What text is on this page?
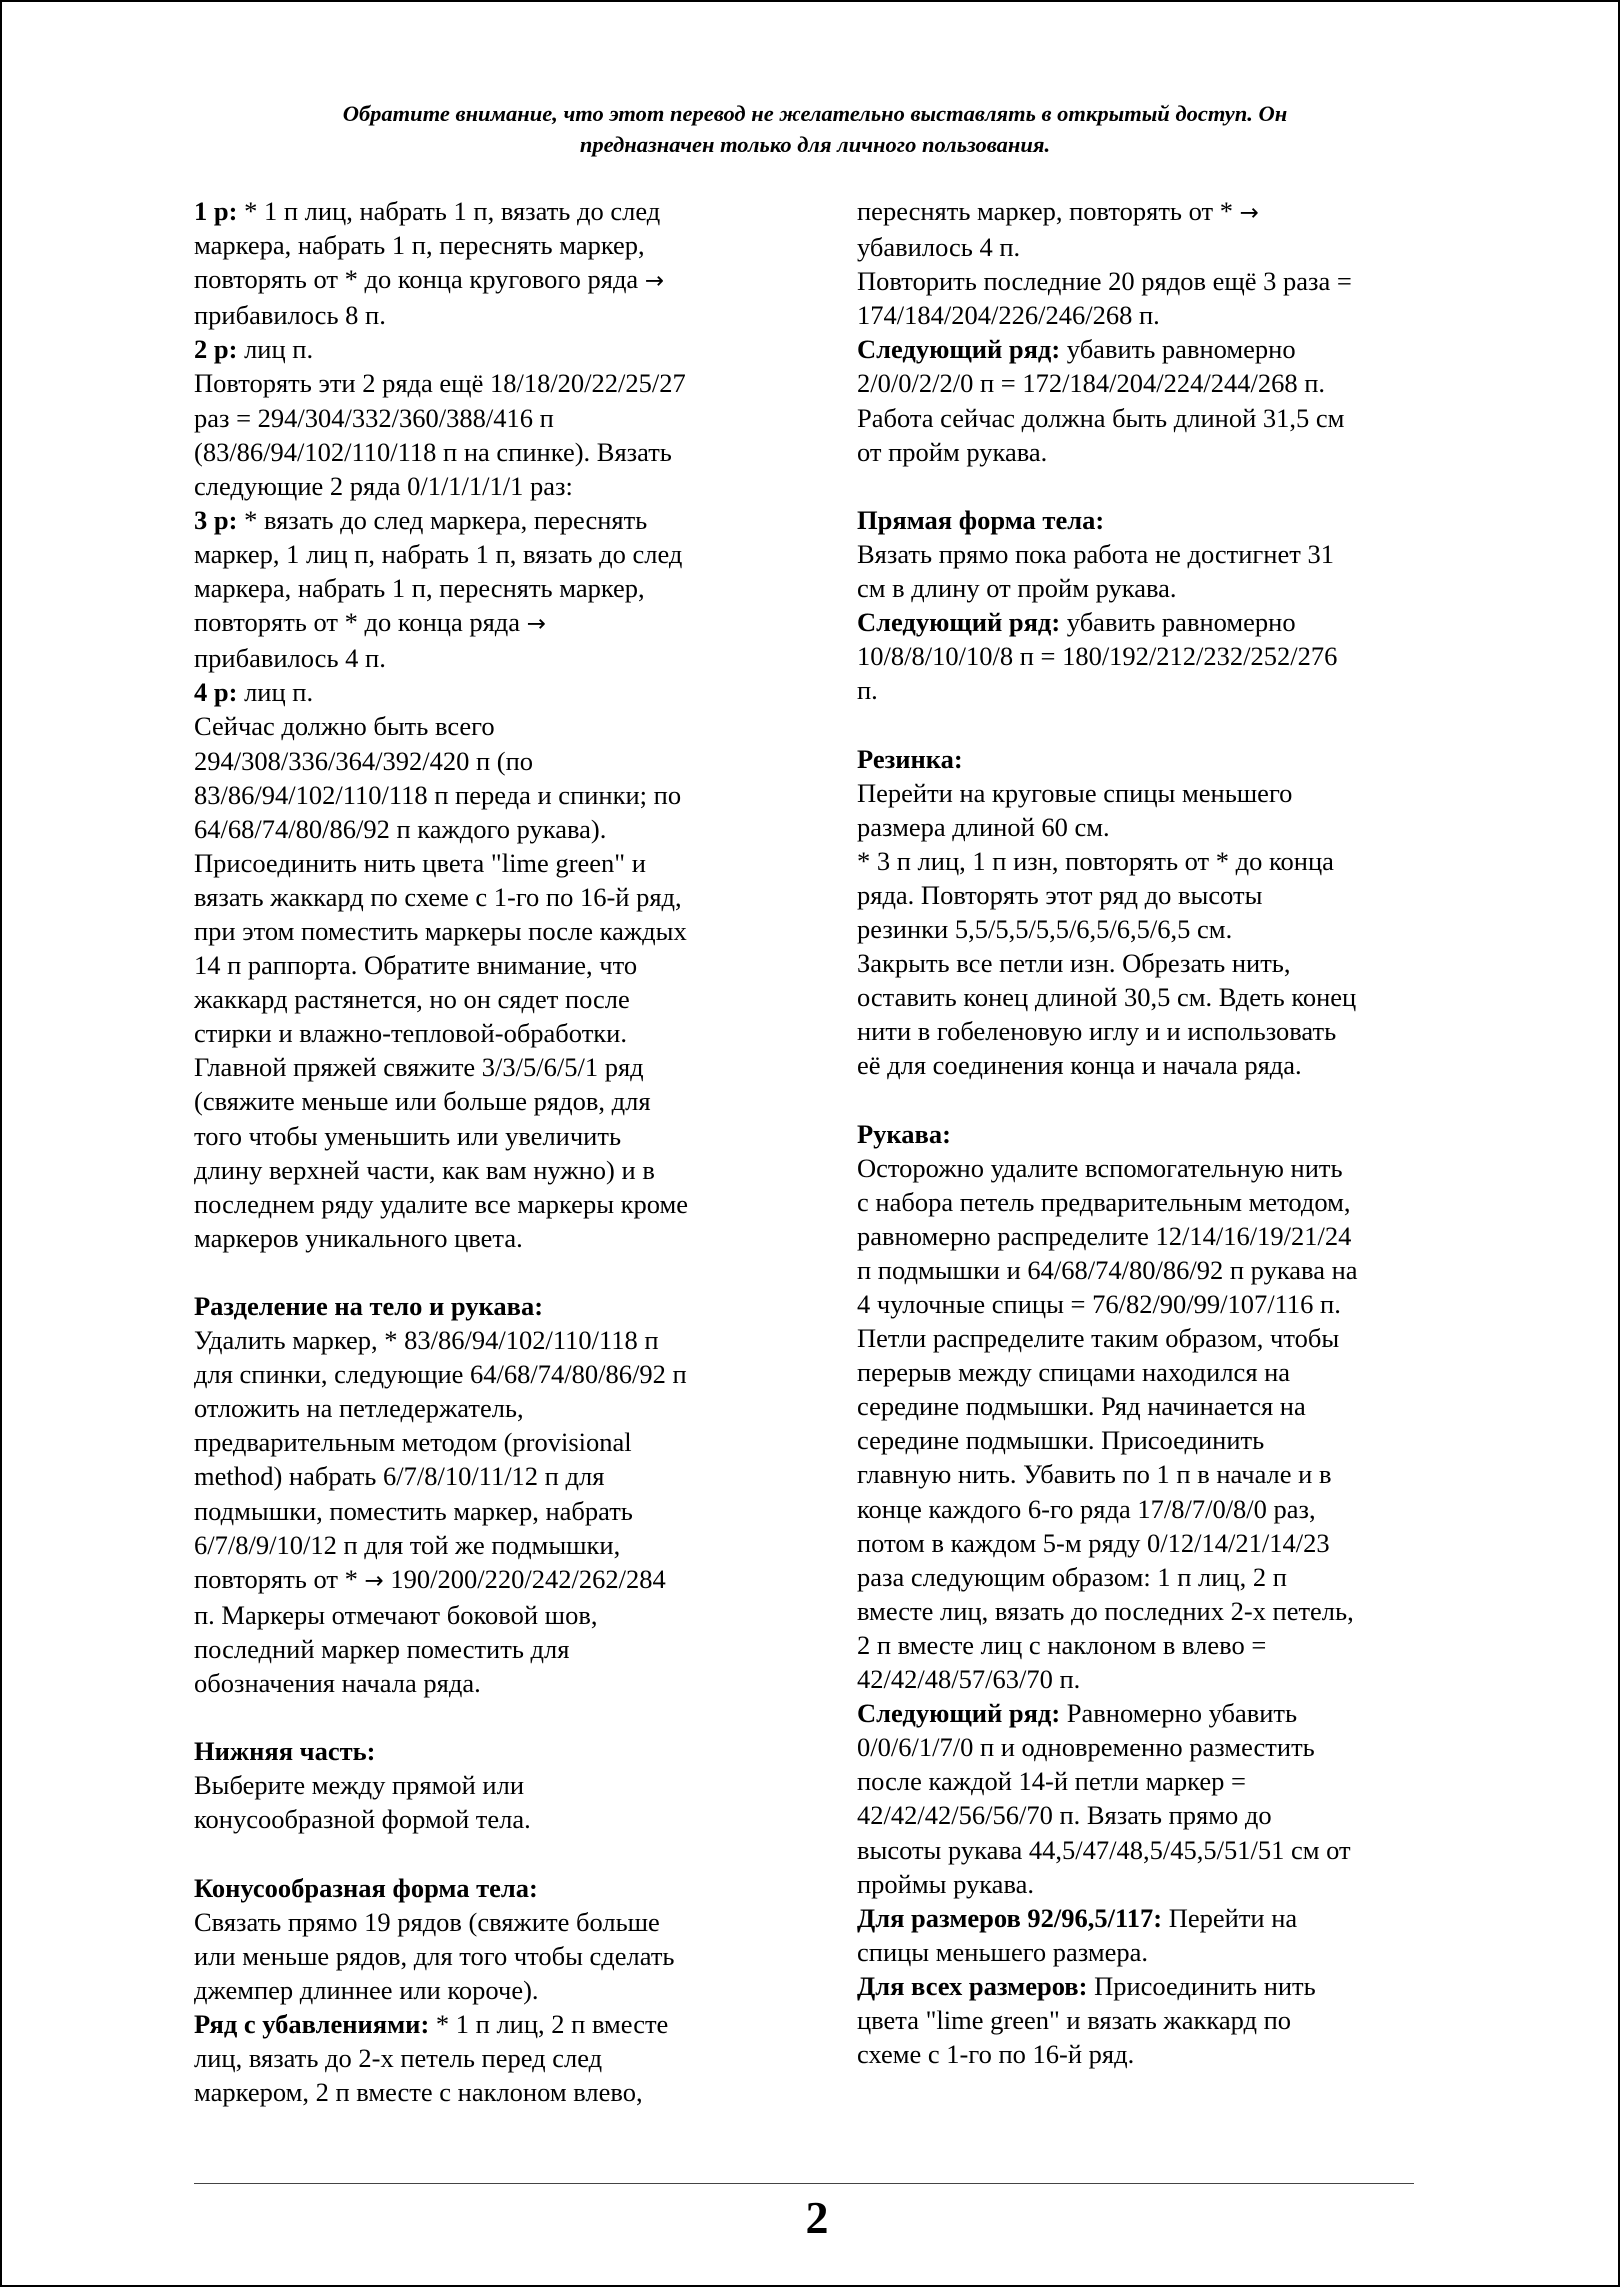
Обратите внимание, что этот перевод не желательно выставлять в открытый доступ. Он
предназначен только для личного пользования.

1 р: * 1 п лиц, набрать 1 п, вязать до след
маркера, набрать 1 п, переснять маркер,
повторять от * до конца кругового ряда →
прибавилось 8 п.

2 р: лиц п.

Повторять эти 2 ряда ещё 18/18/20/22/25/27
раз = 294/304/332/360/388/416 п
(83/86/94/102/110/118 п на спинке). Вязать
следующие 2 ряда 0/1/1/1/1/1 раз:

3 р: * вязать до след маркера, переснять
маркер, 1 лиц п, набрать 1 п, вязать до след
маркера, набрать 1 п, переснять маркер,
повторять от * до конца ряда →
прибавилось 4 п.

4 р: лиц п.

Сейчас должно быть всего
294/308/336/364/392/420 п (по
83/86/94/102/110/118 п переда и спинки; по
64/68/74/80/86/92 п каждого рукава).
Присоединить нить цвета "lime green" и
вязать жаккард по схеме с 1-го по 16-й ряд,
при этом поместить маркеры после каждых
14 п раппорта. Обратите внимание, что
жаккард растянется, но он сядет после
стирки и влажно-тепловой-обработки.
Главной пряжей свяжите 3/3/5/6/5/1 ряд
(свяжите меньше или больше рядов, для
того чтобы уменьшить или увеличить
длину верхней части, как вам нужно) и в
последнем ряду удалите все маркеры кроме
маркеров уникального цвета.

Разделение на тело и рукава:
Удалить маркер, * 83/86/94/102/110/118 п
для спинки, следующие 64/68/74/80/86/92 п
отложить на петледержатель,
предварительным методом (provisional
method) набрать 6/7/8/10/11/12 п для
подмышки, поместить маркер, набрать
6/7/8/9/10/12 п для той же подмышки,
повторять от * → 190/200/220/242/262/284
п. Маркеры отмечают боковой шов,
последний маркер поместить для
обозначения начала ряда.

Нижняя часть:
Выберите между прямой или
конусообразной формой тела.

Конусообразная форма тела:
Связать прямо 19 рядов (свяжите больше
или меньше рядов, для того чтобы сделать
джемпер длиннее или короче).

Ряд с убавлениями: * 1 п лиц, 2 п вместе
лиц, вязать до 2-х петель перед след
маркером, 2 п вместе с наклоном влево,

переснять маркер, повторять от * →
убавилось 4 п.
Повторить последние 20 рядов ещё 3 раза =
174/184/204/226/246/268 п.

Следующий ряд: убавить равномерно
2/0/0/2/2/0 п = 172/184/204/224/244/268 п.
Работа сейчас должна быть длиной 31,5 см
от пройм рукава.

Прямая форма тела:
Вязать прямо пока работа не достигнет 31
см в длину от пройм рукава.
Следующий ряд: убавить равномерно
10/8/8/10/10/8 п = 180/192/212/232/252/276
п.

Резинка:
Перейти на круговые спицы меньшего
размера длиной 60 см.
* 3 п лиц, 1 п изн, повторять от * до конца
ряда. Повторять этот ряд до высоты
резинки 5,5/5,5/5,5/6,5/6,5/6,5 см.
Закрыть все петли изн. Обрезать нить,
оставить конец длиной 30,5 см. Вдеть конец
нити в гобеленовую иглу и и использовать
её для соединения конца и начала ряда.

Рукава:
Осторожно удалите вспомогательную нить
с набора петель предварительным методом,
равномерно распределите 12/14/16/19/21/24
п подмышки и 64/68/74/80/86/92 п рукава на
4 чулочные спицы = 76/82/90/99/107/116 п.
Петли распределите таким образом, чтобы
перерыв между спицами находился на
середине подмышки. Ряд начинается на
середине подмышки. Присоединить
главную нить. Убавить по 1 п в начале и в
конце каждого 6-го ряда 17/8/7/0/8/0 раз,
потом в каждом 5-м ряду 0/12/14/21/14/23
раза следующим образом: 1 п лиц, 2 п
вместе лиц, вязать до последних 2-х петель,
2 п вместе лиц с наклоном в влево =
42/42/48/57/63/70 п.

Следующий ряд: Равномерно убавить
0/0/6/1/7/0 п и одновременно разместить
после каждой 14-й петли маркер =
42/42/42/56/56/70 п. Вязать прямо до
высоты рукава 44,5/47/48,5/45,5/51/51 см от
проймы рукава.

Для размеров 92/96,5/117: Перейти на
спицы меньшего размера.

Для всех размеров: Присоединить нить
цвета "lime green" и вязать жаккард по
схеме с 1-го по 16-й ряд.

2
